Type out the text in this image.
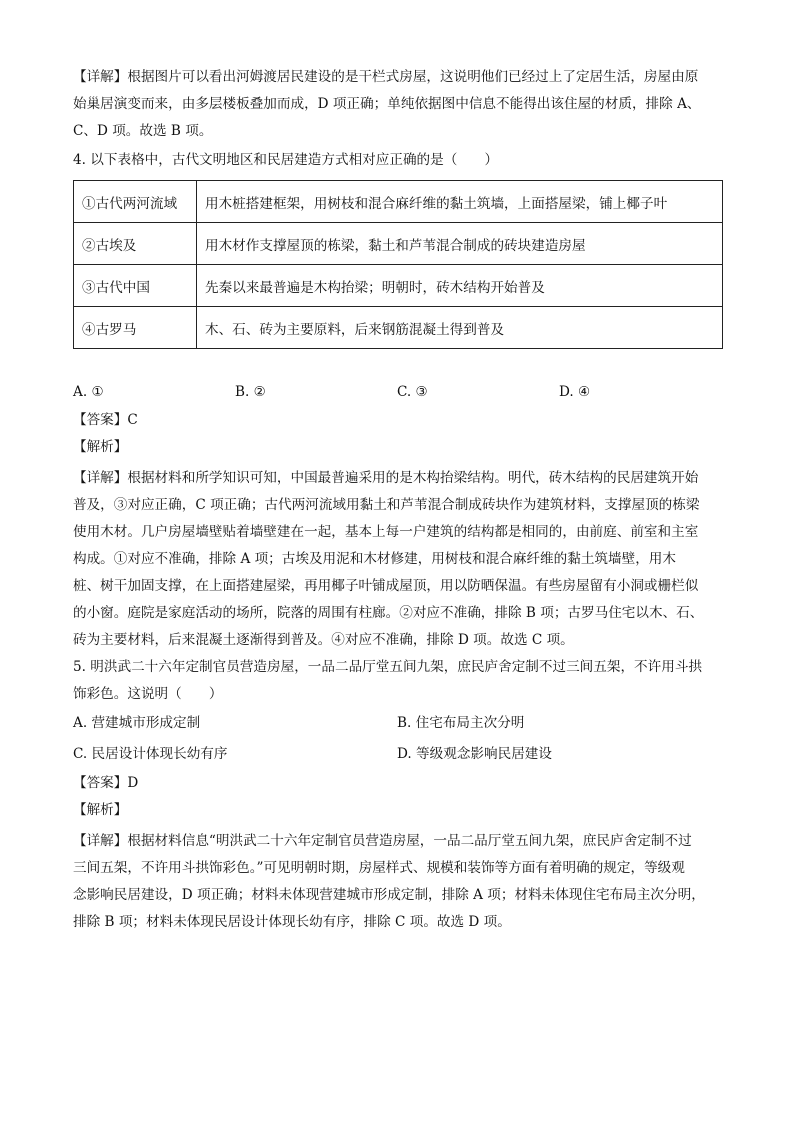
【详解】根据图片可以看出河姆渡居民建设的是干栏式房屋，这说明他们已经过上了定居生活，房屋由原
始巢居演变而来，由多层楼板叠加而成，D 项正确；单纯依据图中信息不能得出该住屋的材质，排除 A、
C、D 项。故选 B 项。
4. 以下表格中，古代文明地区和民居建造方式相对应正确的是（　　）
①古代两河流域	用木桩搭建框架，用树枝和混合麻纤维的黏土筑墙，上面搭屋梁，铺上椰子叶
②古埃及	用木材作支撑屋顶的栋梁，黏土和芦苇混合制成的砖块建造房屋
③古代中国	先秦以来最普遍是木构抬梁；明朝时，砖木结构开始普及
④古罗马	木、石、砖为主要原料，后来钢筋混凝土得到普及
A. ①	B. ②	C. ③	D. ④
【答案】C
【解析】
【详解】根据材料和所学知识可知，中国最普遍采用的是木构抬梁结构。明代，砖木结构的民居建筑开始
普及，③对应正确，C 项正确；古代两河流域用黏土和芦苇混合制成砖块作为建筑材料，支撑屋顶的栋梁
使用木材。几户房屋墙壁贴着墙壁建在一起，基本上每一户建筑的结构都是相同的，由前庭、前室和主室
构成。①对应不准确，排除 A 项；古埃及用泥和木材修建，用树枝和混合麻纤维的黏土筑墙壁，用木
桩、树干加固支撑，在上面搭建屋梁，再用椰子叶铺成屋顶，用以防晒保温。有些房屋留有小洞或栅栏似
的小窗。庭院是家庭活动的场所，院落的周围有柱廊。②对应不准确，排除 B 项；古罗马住宅以木、石、
砖为主要材料，后来混凝土逐渐得到普及。④对应不准确，排除 D 项。故选 C 项。
5. 明洪武二十六年定制官员营造房屋，一品二品厅堂五间九架，庶民庐舍定制不过三间五架，不许用斗拱
饰彩色。这说明（　　）
A. 营建城市形成定制	B. 住宅布局主次分明
C. 民居设计体现长幼有序	D. 等级观念影响民居建设
【答案】D
【解析】
【详解】根据材料信息“明洪武二十六年定制官员营造房屋，一品二品厅堂五间九架，庶民庐舍定制不过
三间五架，不许用斗拱饰彩色。”可见明朝时期，房屋样式、规模和装饰等方面有着明确的规定，等级观
念影响民居建设，D 项正确；材料未体现营建城市形成定制，排除 A 项；材料未体现住宅布局主次分明，
排除 B 项；材料未体现民居设计体现长幼有序，排除 C 项。故选 D 项。
